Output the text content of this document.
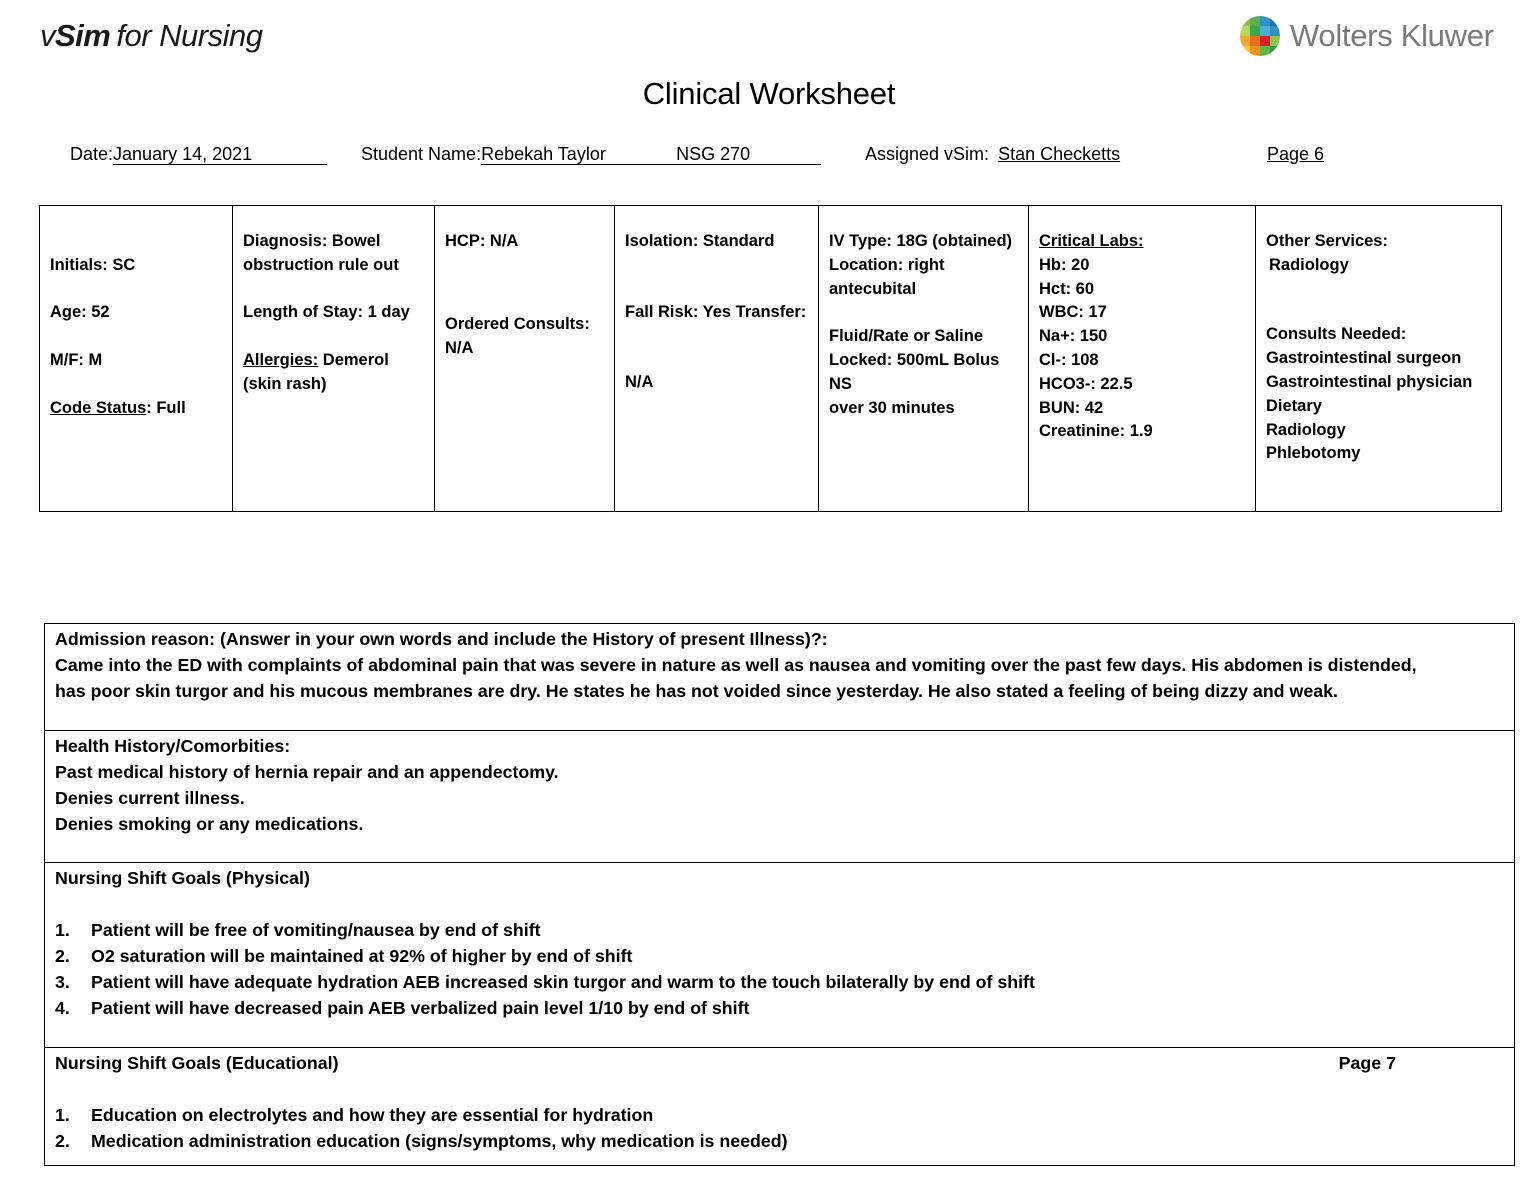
vSim for Nursing	Wolters Kluwer
Clinical Worksheet
Date:January 14, 2021	Student Name:Rebekah Taylor	NSG 270	Assigned vSim: Stan Checketts	Page 6
Initials: SC
Age: 52
M/F: M
Code Status: Full

Diagnosis: Bowel
obstruction rule out
Length of Stay: 1 day
Allergies: Demerol
(skin rash)

HCP: N/A
Ordered Consults:
N/A

Isolation: Standard
Fall Risk: Yes Transfer:
N/A

IV Type: 18G (obtained)
Location: right
antecubital
Fluid/Rate or Saline
Locked: 500mL Bolus NS
over 30 minutes

Critical Labs:
Hb: 20
Hct: 60
WBC: 17
Na+: 150
Cl-: 108
HCO3-: 22.5
BUN: 42
Creatinine: 1.9

Other Services:
Radiology
Consults Needed:
Gastrointestinal surgeon
Gastrointestinal physician
Dietary
Radiology
Phlebotomy
Admission reason: (Answer in your own words and include the History of present Illness)?:
Came into the ED with complaints of abdominal pain that was severe in nature as well as nausea and vomiting over the past few days. His abdomen is distended,
has poor skin turgor and his mucous membranes are dry. He states he has not voided since yesterday. He also stated a feeling of being dizzy and weak.

Health History/Comorbities:
Past medical history of hernia repair and an appendectomy.
Denies current illness.
Denies smoking or any medications.

Nursing Shift Goals (Physical)
1.	Patient will be free of vomiting/nausea by end of shift
2.	O2 saturation will be maintained at 92% of higher by end of shift
3.	Patient will have adequate hydration AEB increased skin turgor and warm to the touch bilaterally by end of shift
4.	Patient will have decreased pain AEB verbalized pain level 1/10 by end of shift

Nursing Shift Goals (Educational)	Page 7
1.	Education on electrolytes and how they are essential for hydration
2.	Medication administration education (signs/symptoms, why medication is needed)
